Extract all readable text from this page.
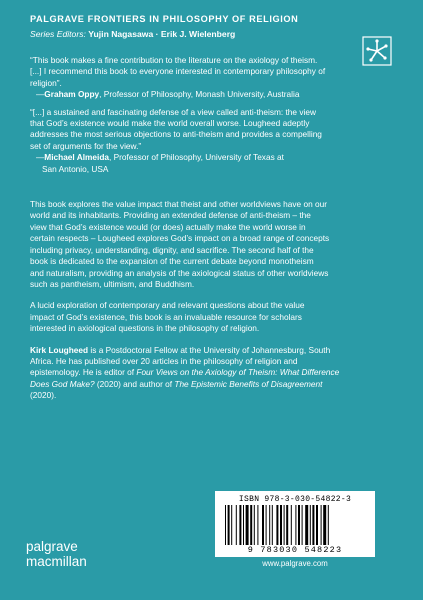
PALGRAVE FRONTIERS IN PHILOSOPHY OF RELIGION
Series Editors: Yujin Nagasawa · Erik J. Wielenberg
“This book makes a fine contribution to the literature on the axiology of theism.
[...] I recommend this book to everyone interested in contemporary philosophy of
religion”.
—Graham Oppy, Professor of Philosophy, Monash University, Australia
“[...] a sustained and fascinating defense of a view called anti-theism: the view
that God’s existence would make the world overall worse. Lougheed adeptly
addresses the most serious objections to anti-theism and provides a compelling
set of arguments for the view.”
—Michael Almeida, Professor of Philosophy, University of Texas at
San Antonio, USA
This book explores the value impact that theist and other worldviews have on our
world and its inhabitants. Providing an extended defense of anti-theism – the
view that God’s existence would (or does) actually make the world worse in
certain respects – Lougheed explores God’s impact on a broad range of concepts
including privacy, understanding, dignity, and sacrifice. The second half of the
book is dedicated to the expansion of the current debate beyond monotheism
and naturalism, providing an analysis of the axiological status of other worldviews
such as pantheism, ultimism, and Buddhism.
A lucid exploration of contemporary and relevant questions about the value
impact of God’s existence, this book is an invaluable resource for scholars
interested in axiological questions in the philosophy of religion.
Kirk Lougheed is a Postdoctoral Fellow at the University of Johannesburg, South
Africa. He has published over 20 articles in the philosophy of religion and
epistemology. He is editor of Four Views on the Axiology of Theism: What Difference
Does God Make? (2020) and author of The Epistemic Benefits of Disagreement
(2020).
ISBN 978-3-030-54822-3
9 783030 548223
www.palgrave.com
palgrave
macmillan
